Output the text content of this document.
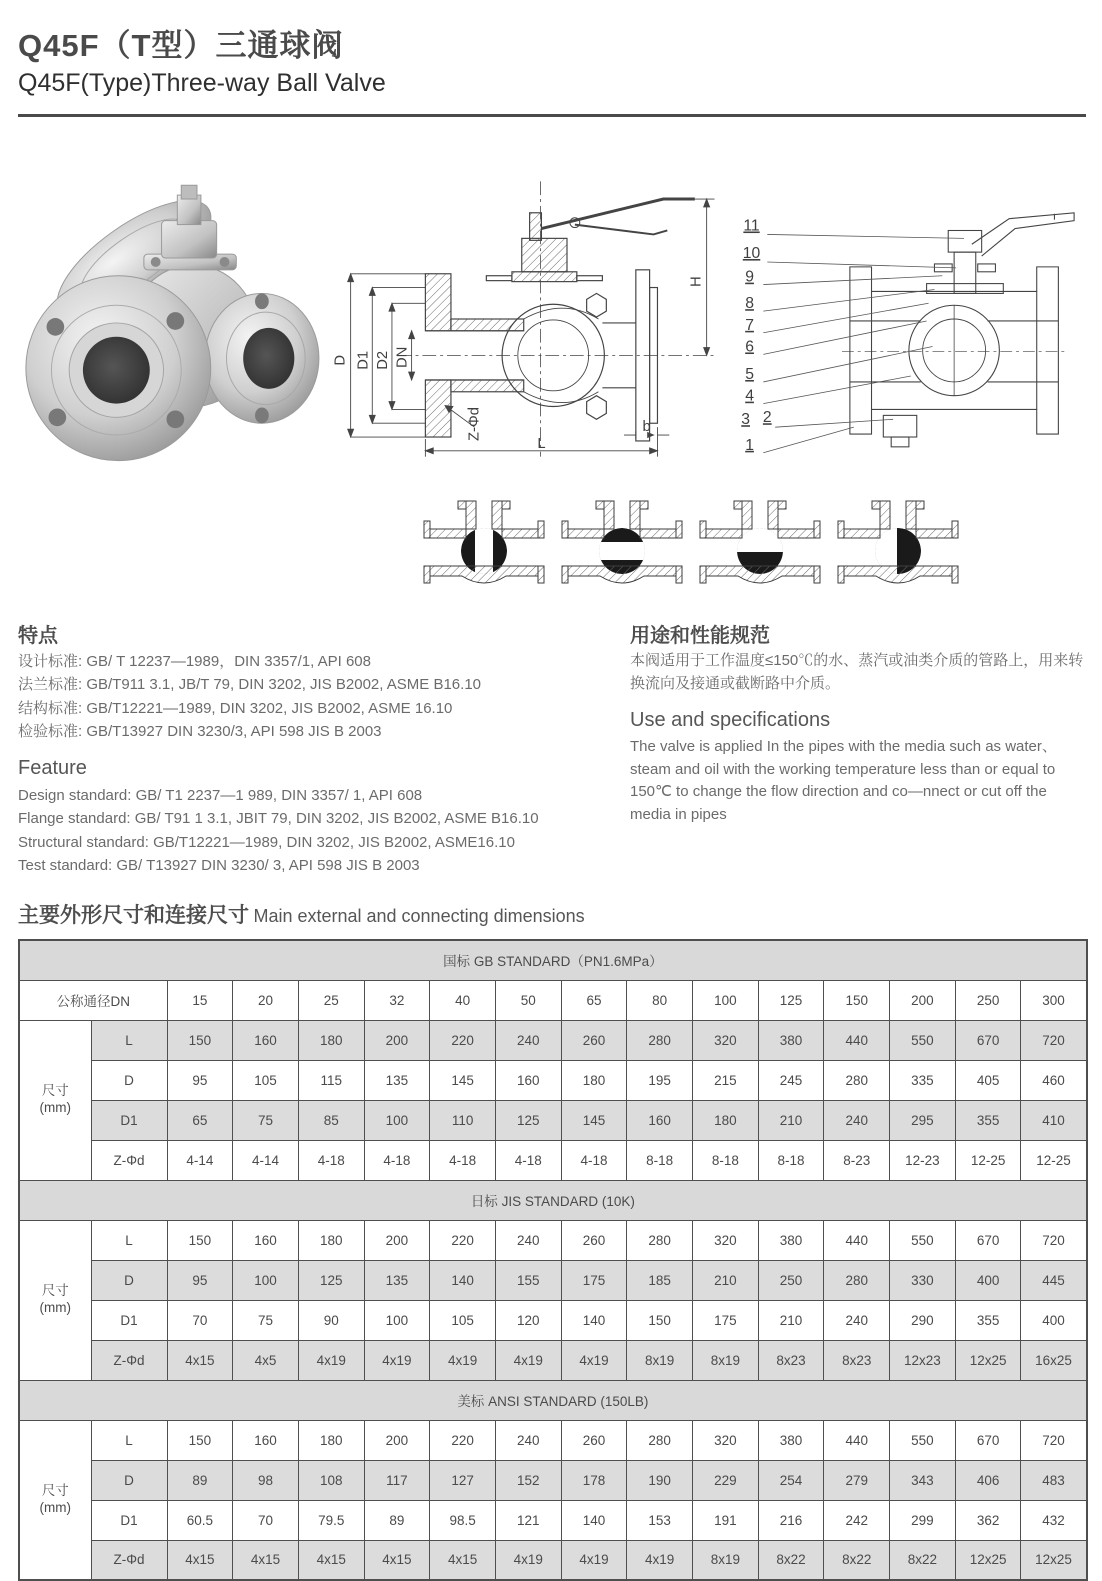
Q45F（T型）三通球阀
Q45F(Type)Three-way Ball Valve
D D1 D2 DN
H
L
b
Z-Φd
11
10
9
8
7
6
5
4
3 2
1
特点
设计标准: GB/ T 12237—1989，DIN 3357/1, API 608
法兰标准: GB/T911 3.1, JB/T 79, DIN 3202, JIS B2002, ASME B16.10
结构标准: GB/T12221—1989, DIN 3202, JIS B2002, ASME 16.10
检验标准: GB/T13927 DIN 3230/3, API 598 JIS B 2003
Feature
Design standard: GB/ T1 2237—1 989, DIN 3357/ 1, API 608
Flange standard: GB/ T91 1 3.1, JBIT 79, DIN 3202, JIS B2002, ASME B16.10
Structural standard: GB/T12221—1989, DIN 3202, JIS B2002, ASME16.10
Test standard: GB/ T13927 DIN 3230/ 3, API 598 JIS B 2003
用途和性能规范

本阀适用于工作温度≤150℃的水、蒸汽或油类介质的管路上，用来转换流向及接通或截断路中介质。

Use and specifications

The valve is applied In the pipes with the media such as water、steam and oil with the working temperature less than or equal to 150℃ to change the flow direction and co—nnect or cut off the media in pipes

主要外形尺寸和连接尺寸 Main external and connecting dimensions
国标 GB STANDARD（PN1.6MPa）															
公称通径DN		15	20	25	32	40	50	65	80	100	125	150	200	250	300

尺寸
(mm)	L	150	160	180	200	220	240	260	280	320	380	440	550	670	720
	D	95	105	115	135	145	160	180	195	215	245	280	335	405	460
	D1	65	75	85	100	110	125	145	160	180	210	240	295	355	410
	Z-Φd	4-14	4-14	4-18	4-18	4-18	4-18	4-18	8-18	8-18	8-18	8-23	12-23	12-25	12-25
日标 JIS STANDARD (10K)															

尺寸
(mm)	L	150	160	180	200	220	240	260	280	320	380	440	550	670	720
	D	95	100	125	135	140	155	175	185	210	250	280	330	400	445
	D1	70	75	90	100	105	120	140	150	175	210	240	290	355	400
	Z-Φd	4x15	4x5	4x19	4x19	4x19	4x19	4x19	8x19	8x19	8x23	8x23	12x23	12x25	16x25
美标 ANSI STANDARD (150LB)															

尺寸
(mm)	L	150	160	180	200	220	240	260	280	320	380	440	550	670	720
	D	89	98	108	117	127	152	178	190	229	254	279	343	406	483
	D1	60.5	70	79.5	89	98.5	121	140	153	191	216	242	299	362	432
	Z-Φd	4x15	4x15	4x15	4x15	4x15	4x19	4x19	4x19	8x19	8x22	8x22	8x22	12x25	12x25
